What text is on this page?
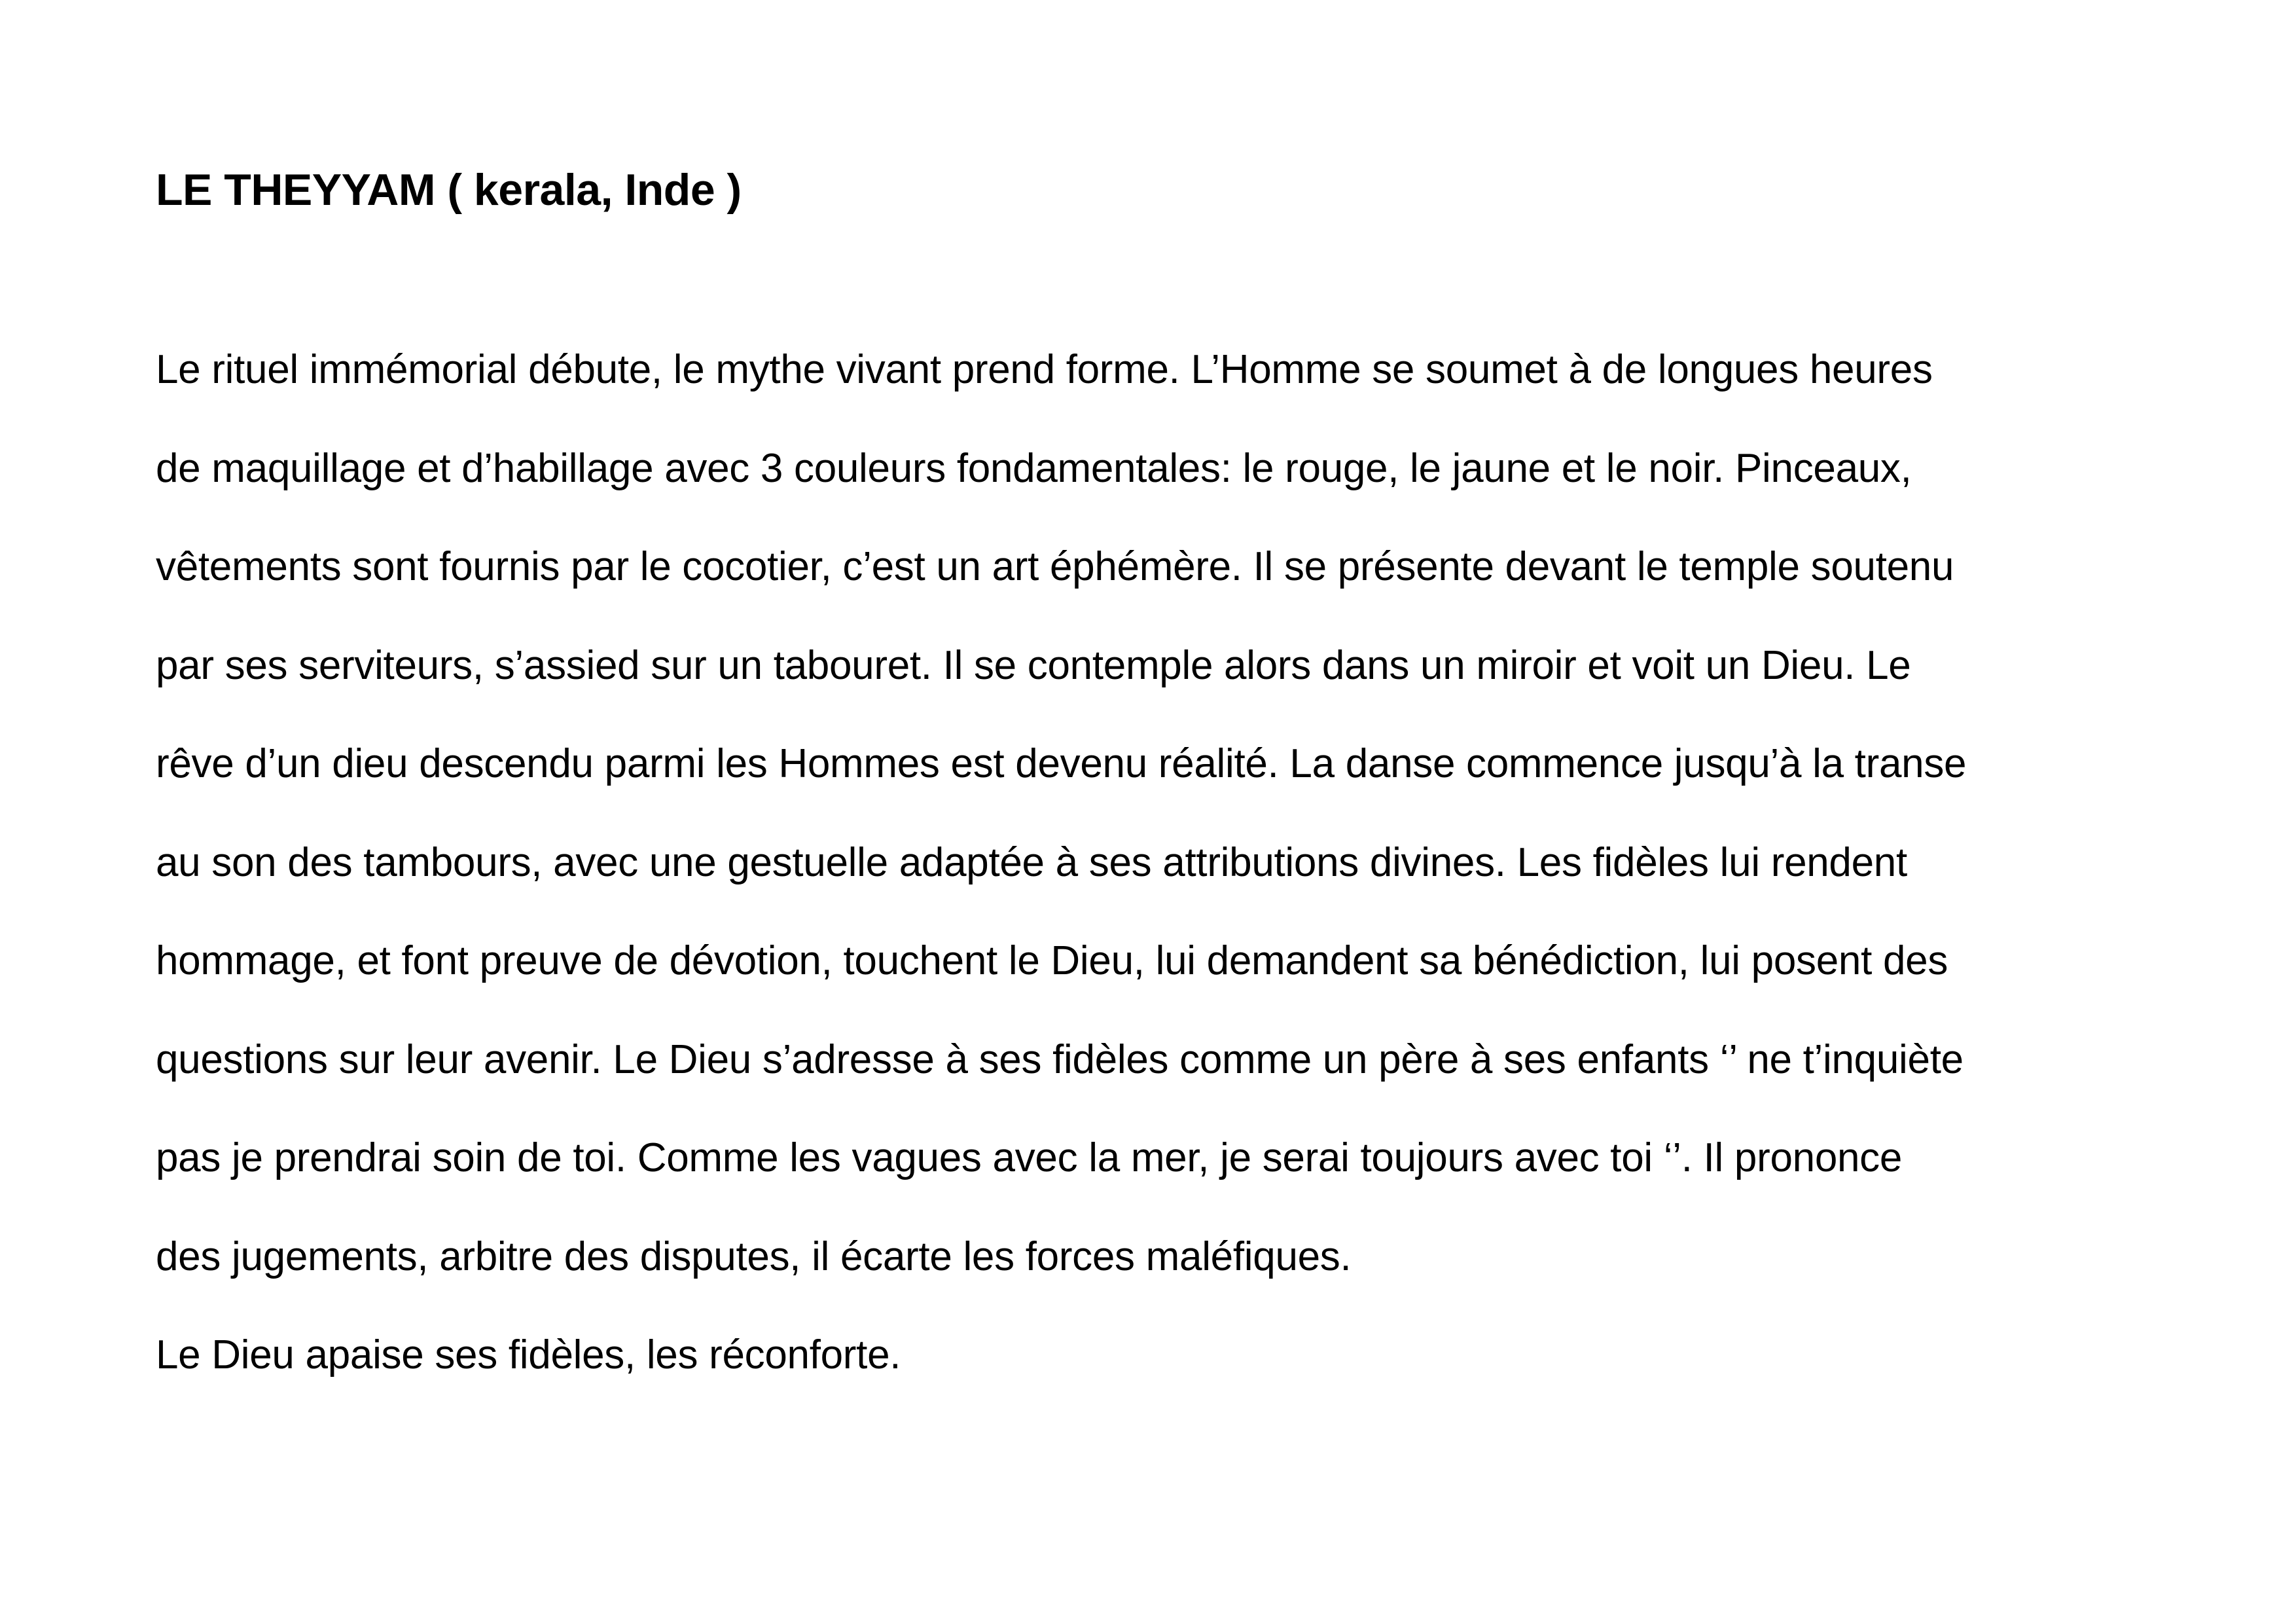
LE THEYYAM ( kerala, Inde )
Le rituel immémorial débute, le mythe vivant prend forme. L’Homme se soumet à de longues heures
de maquillage et d’habillage avec 3 couleurs fondamentales: le rouge, le jaune et le noir. Pinceaux,
vêtements sont fournis par le cocotier, c’est un art éphémère. Il se présente devant le temple soutenu
par ses serviteurs, s’assied sur un tabouret. Il se contemple alors dans un miroir et voit un Dieu. Le
rêve d’un dieu descendu parmi les Hommes est devenu réalité. La danse commence jusqu’à la transe
au son des tambours, avec une gestuelle adaptée à ses attributions divines. Les fidèles lui rendent
hommage, et font preuve de dévotion, touchent le Dieu, lui demandent sa bénédiction, lui posent des
questions sur leur avenir. Le Dieu s’adresse à ses fidèles comme un père à ses enfants ‘’ ne t’inquiète
pas je prendrai soin de toi. Comme les vagues avec la mer, je serai toujours avec toi ‘’. Il prononce
des jugements, arbitre des disputes, il écarte les forces maléfiques.
Le Dieu apaise ses fidèles, les réconforte.
